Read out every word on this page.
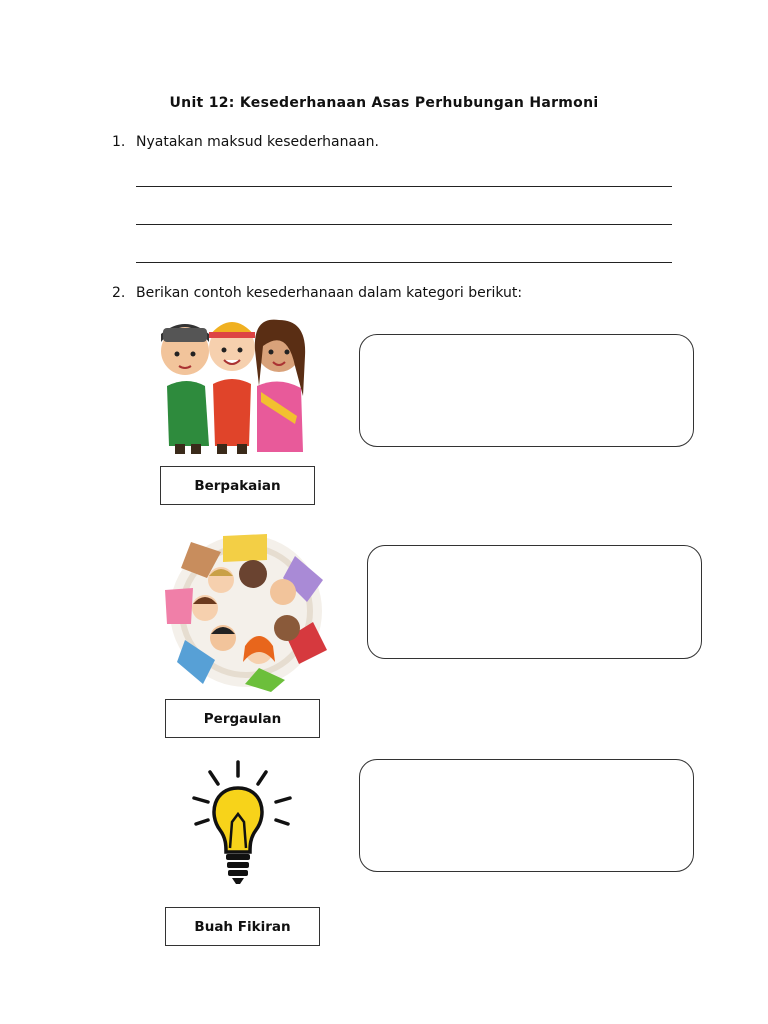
Unit 12: Kesederhanaan Asas Perhubungan Harmoni
1. Nyatakan maksud kesederhanaan.
2. Berikan contoh kesederhanaan dalam kategori berikut:
Berpakaian
Pergaulan
Buah Fikiran
